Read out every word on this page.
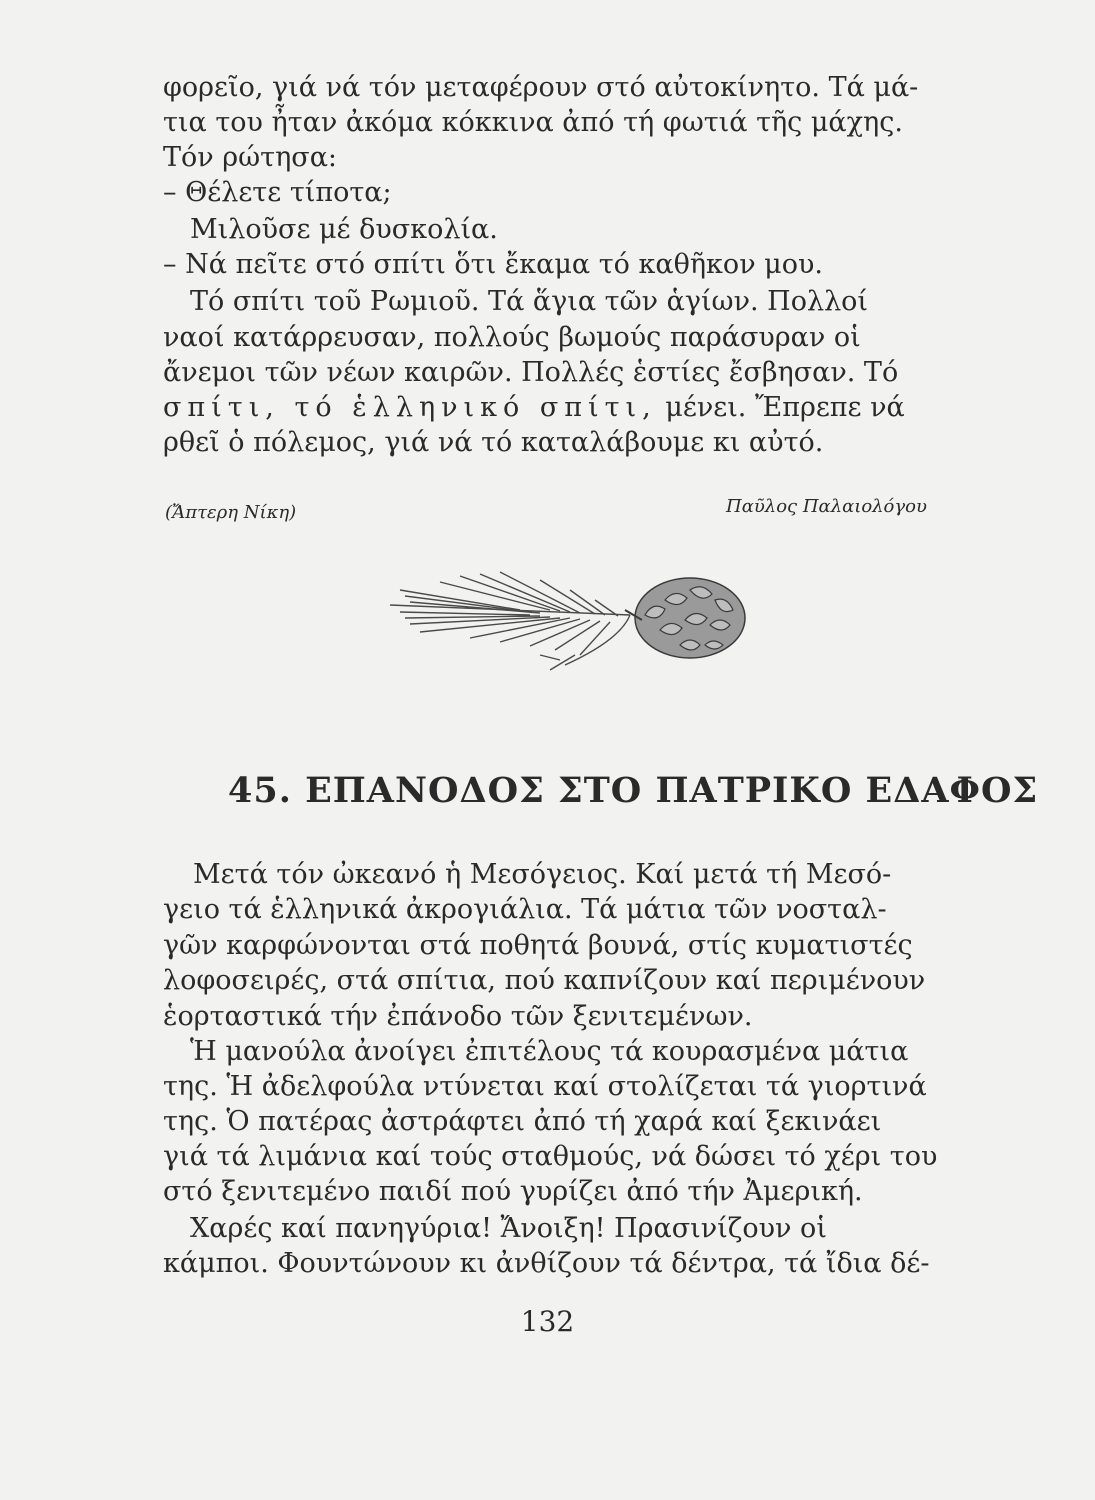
φορεῖο, γιά νά τόν μεταφέρουν στό αὐτοκίνητο. Τά μά-
τια του ἦταν ἀκόμα κόκκινα ἀπό τή φωτιά τῆς μάχης.
Τόν ρώτησα:
– Θέλετε τίποτα;
Μιλοῦσε μέ δυσκολία.
– Νά πεῖτε στό σπίτι ὅτι ἔκαμα τό καθῆκον μου.
Τό σπίτι τοῦ Ρωμιοῦ. Τά ἅγια τῶν ἁγίων. Πολλοί
ναοί κατάρρευσαν, πολλούς βωμούς παράσυραν οἱ
ἄνεμοι τῶν νέων καιρῶν. Πολλές ἑστίες ἔσβησαν. Τό
σπίτι, τό ἑλληνικό σπίτι, μένει. Ἔπρεπε νά
ρθεῖ ὁ πόλεμος, γιά νά τό καταλάβουμε κι αὐτό.
(Ἄπτερη Νίκη)	Παῦλος Παλαιολόγου
45. ΕΠΑΝΟΔΟΣ ΣΤΟ ΠΑΤΡΙΚΟ ΕΔΑΦΟΣ
Μετά τόν ὠκεανό ἡ Μεσόγειος. Καί μετά τή Μεσό-
γειο τά ἑλληνικά ἀκρογιάλια. Τά μάτια τῶν νοσταλ-
γῶν καρφώνονται στά ποθητά βουνά, στίς κυματιστές
λοφοσειρές, στά σπίτια, πού καπνίζουν καί περιμένουν
ἑορταστικά τήν ἐπάνοδο τῶν ξενιτεμένων.
Ἡ μανούλα ἀνοίγει ἐπιτέλους τά κουρασμένα μάτια
της. Ἡ ἀδελφούλα ντύνεται καί στολίζεται τά γιορτινά
της. Ὁ πατέρας ἀστράφτει ἀπό τή χαρά καί ξεκινάει
γιά τά λιμάνια καί τούς σταθμούς, νά δώσει τό χέρι του
στό ξενιτεμένο παιδί πού γυρίζει ἀπό τήν Ἀμερική.
Χαρές καί πανηγύρια! Ἄνοιξη! Πρασινίζουν οἱ
κάμποι. Φουντώνουν κι ἀνθίζουν τά δέντρα, τά ἴδια δέ-
132
